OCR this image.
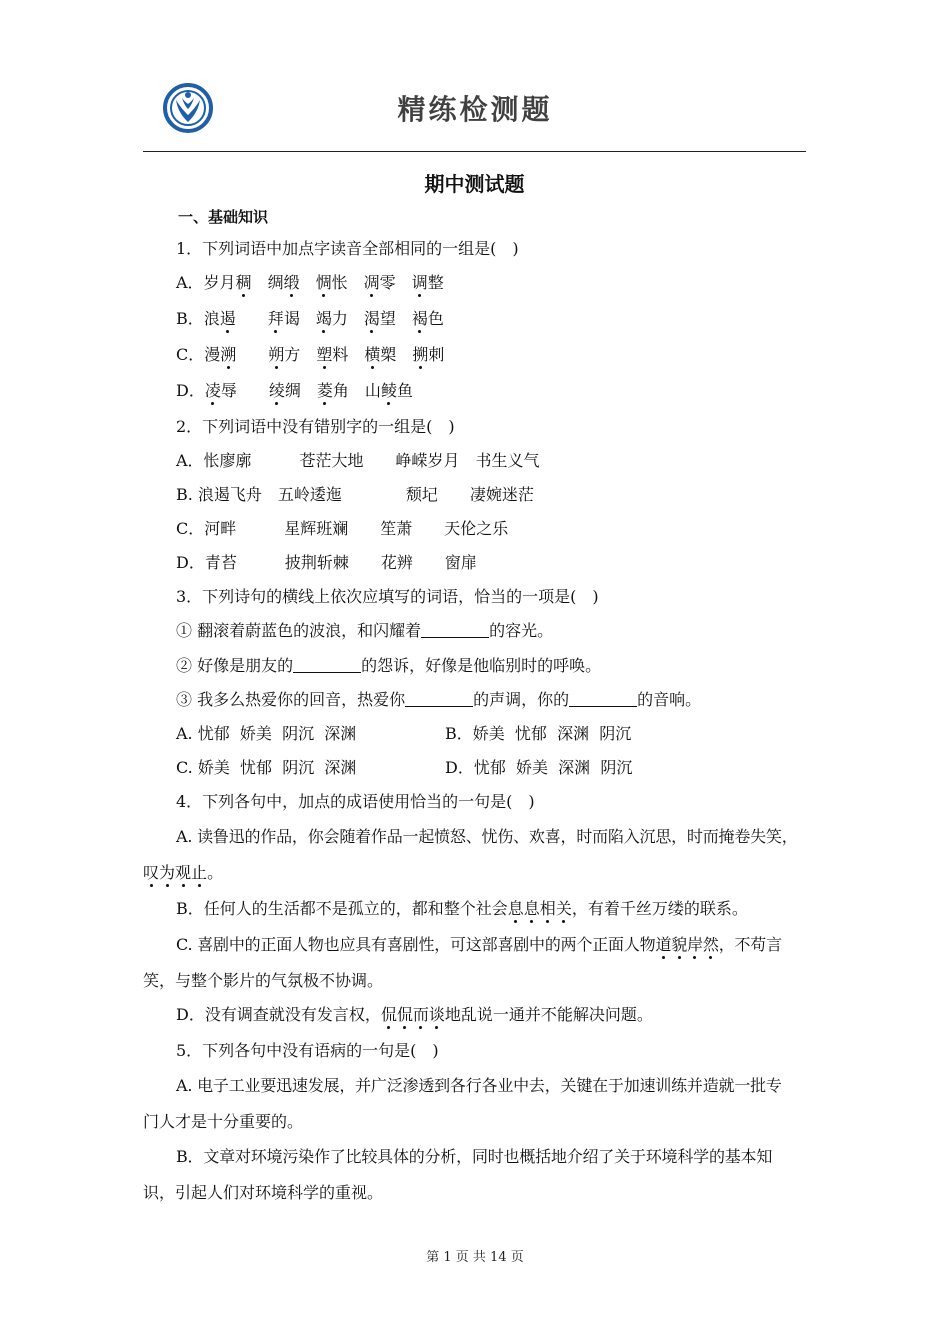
精练检测题
期中测试题
一、基础知识
1．下列词语中加点字读音全部相同的一组是(　)
A．岁月稠　绸缎　 惆怅　凋零　调整
B．浪遏　　 拜谒　竭力　渴望　褐色
C．漫溯　　 朔方　塑料　横槊　搠刺
D．凌辱　　绫绸　菱角　山鲮鱼
2．下列词语中没有错别字的一组是(　)
A．怅廖廓　　　苍茫大地　　峥嵘岁月　书生义气
B. 浪遏飞舟　五岭逶迤　　　　颓圮　　凄婉迷茫
C．河畔　　　星辉班斓　　笙萧　　天伦之乐
D．青苔　　　披荆斩棘　　花辨　　窗扉
3．下列诗句的横线上依次应填写的词语，恰当的一项是(　)
① 翻滚着蔚蓝色的波浪，和闪耀着	的容光。
② 好像是朋友的	的怨诉，好像是他临别时的呼唤。
③ 我多么热爱你的回音，热爱你	的声调，你的	的音响。
A. 忧郁  娇美  阴沉  深渊	B．娇美  忧郁  深渊  阴沉
C. 娇美  忧郁  阴沉  深渊	D．忧郁  娇美  深渊  阴沉
4．下列各句中，加点的成语使用恰当的一句是(　)
A. 读鲁迅的作品，你会随着作品一起愤怒、忧伤、欢喜，时而陷入沉思，时而掩卷失笑，
叹为观止。
B．任何人的生活都不是孤立的，都和整个社会息息相关，有着千丝万缕的联系。
C. 喜剧中的正面人物也应具有喜剧性，可这部喜剧中的两个正面人物道貌岸然，不苟言
笑，与整个影片的气氛极不协调。
D．没有调查就没有发言权，侃侃而谈地乱说一通并不能解决问题。
5．下列各句中没有语病的一句是(　)
A. 电子工业要迅速发展，并广泛渗透到各行各业中去，关键在于加速训练并造就一批专
门人才是十分重要的。
B．文章对环境污染作了比较具体的分析，同时也概括地介绍了关于环境科学的基本知
识，引起人们对环境科学的重视。
第 1 页 共 14 页
